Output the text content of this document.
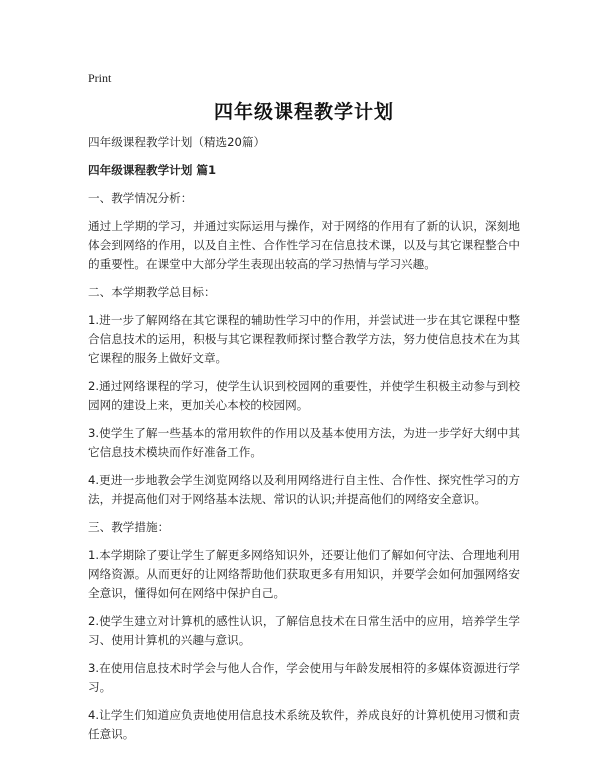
Print
四年级课程教学计划

四年级课程教学计划（精选20篇）

四年级课程教学计划 篇1

一、教学情况分析：

通过上学期的学习，并通过实际运用与操作，对于网络的作用有了新的认识，深刻地体会到网络的作用，以及自主性、合作性学习在信息技术课，以及与其它课程整合中的重要性。在课堂中大部分学生表现出较高的学习热情与学习兴趣。

二、本学期教学总目标：

1.进一步了解网络在其它课程的辅助性学习中的作用，并尝试进一步在其它课程中整合信息技术的运用，积极与其它课程教师探讨整合教学方法，努力使信息技术在为其它课程的服务上做好文章。

2.通过网络课程的学习，使学生认识到校园网的重要性，并使学生积极主动参与到校园网的建设上来，更加关心本校的校园网。

3.使学生了解一些基本的常用软件的作用以及基本使用方法，为进一步学好大纲中其它信息技术模块而作好准备工作。

4.更进一步地教会学生浏览网络以及利用网络进行自主性、合作性、探究性学习的方法，并提高他们对于网络基本法规、常识的认识;并提高他们的网络安全意识。

三、教学措施：

1.本学期除了要让学生了解更多网络知识外，还要让他们了解如何守法、合理地利用网络资源。从而更好的让网络帮助他们获取更多有用知识，并要学会如何加强网络安全意识，懂得如何在网络中保护自己。

2.使学生建立对计算机的感性认识，了解信息技术在日常生活中的应用，培养学生学习、使用计算机的兴趣与意识。

3.在使用信息技术时学会与他人合作，学会使用与年龄发展相符的多媒体资源进行学习。

4.让学生们知道应负责地使用信息技术系统及软件，养成良好的计算机使用习惯和责任意识。
